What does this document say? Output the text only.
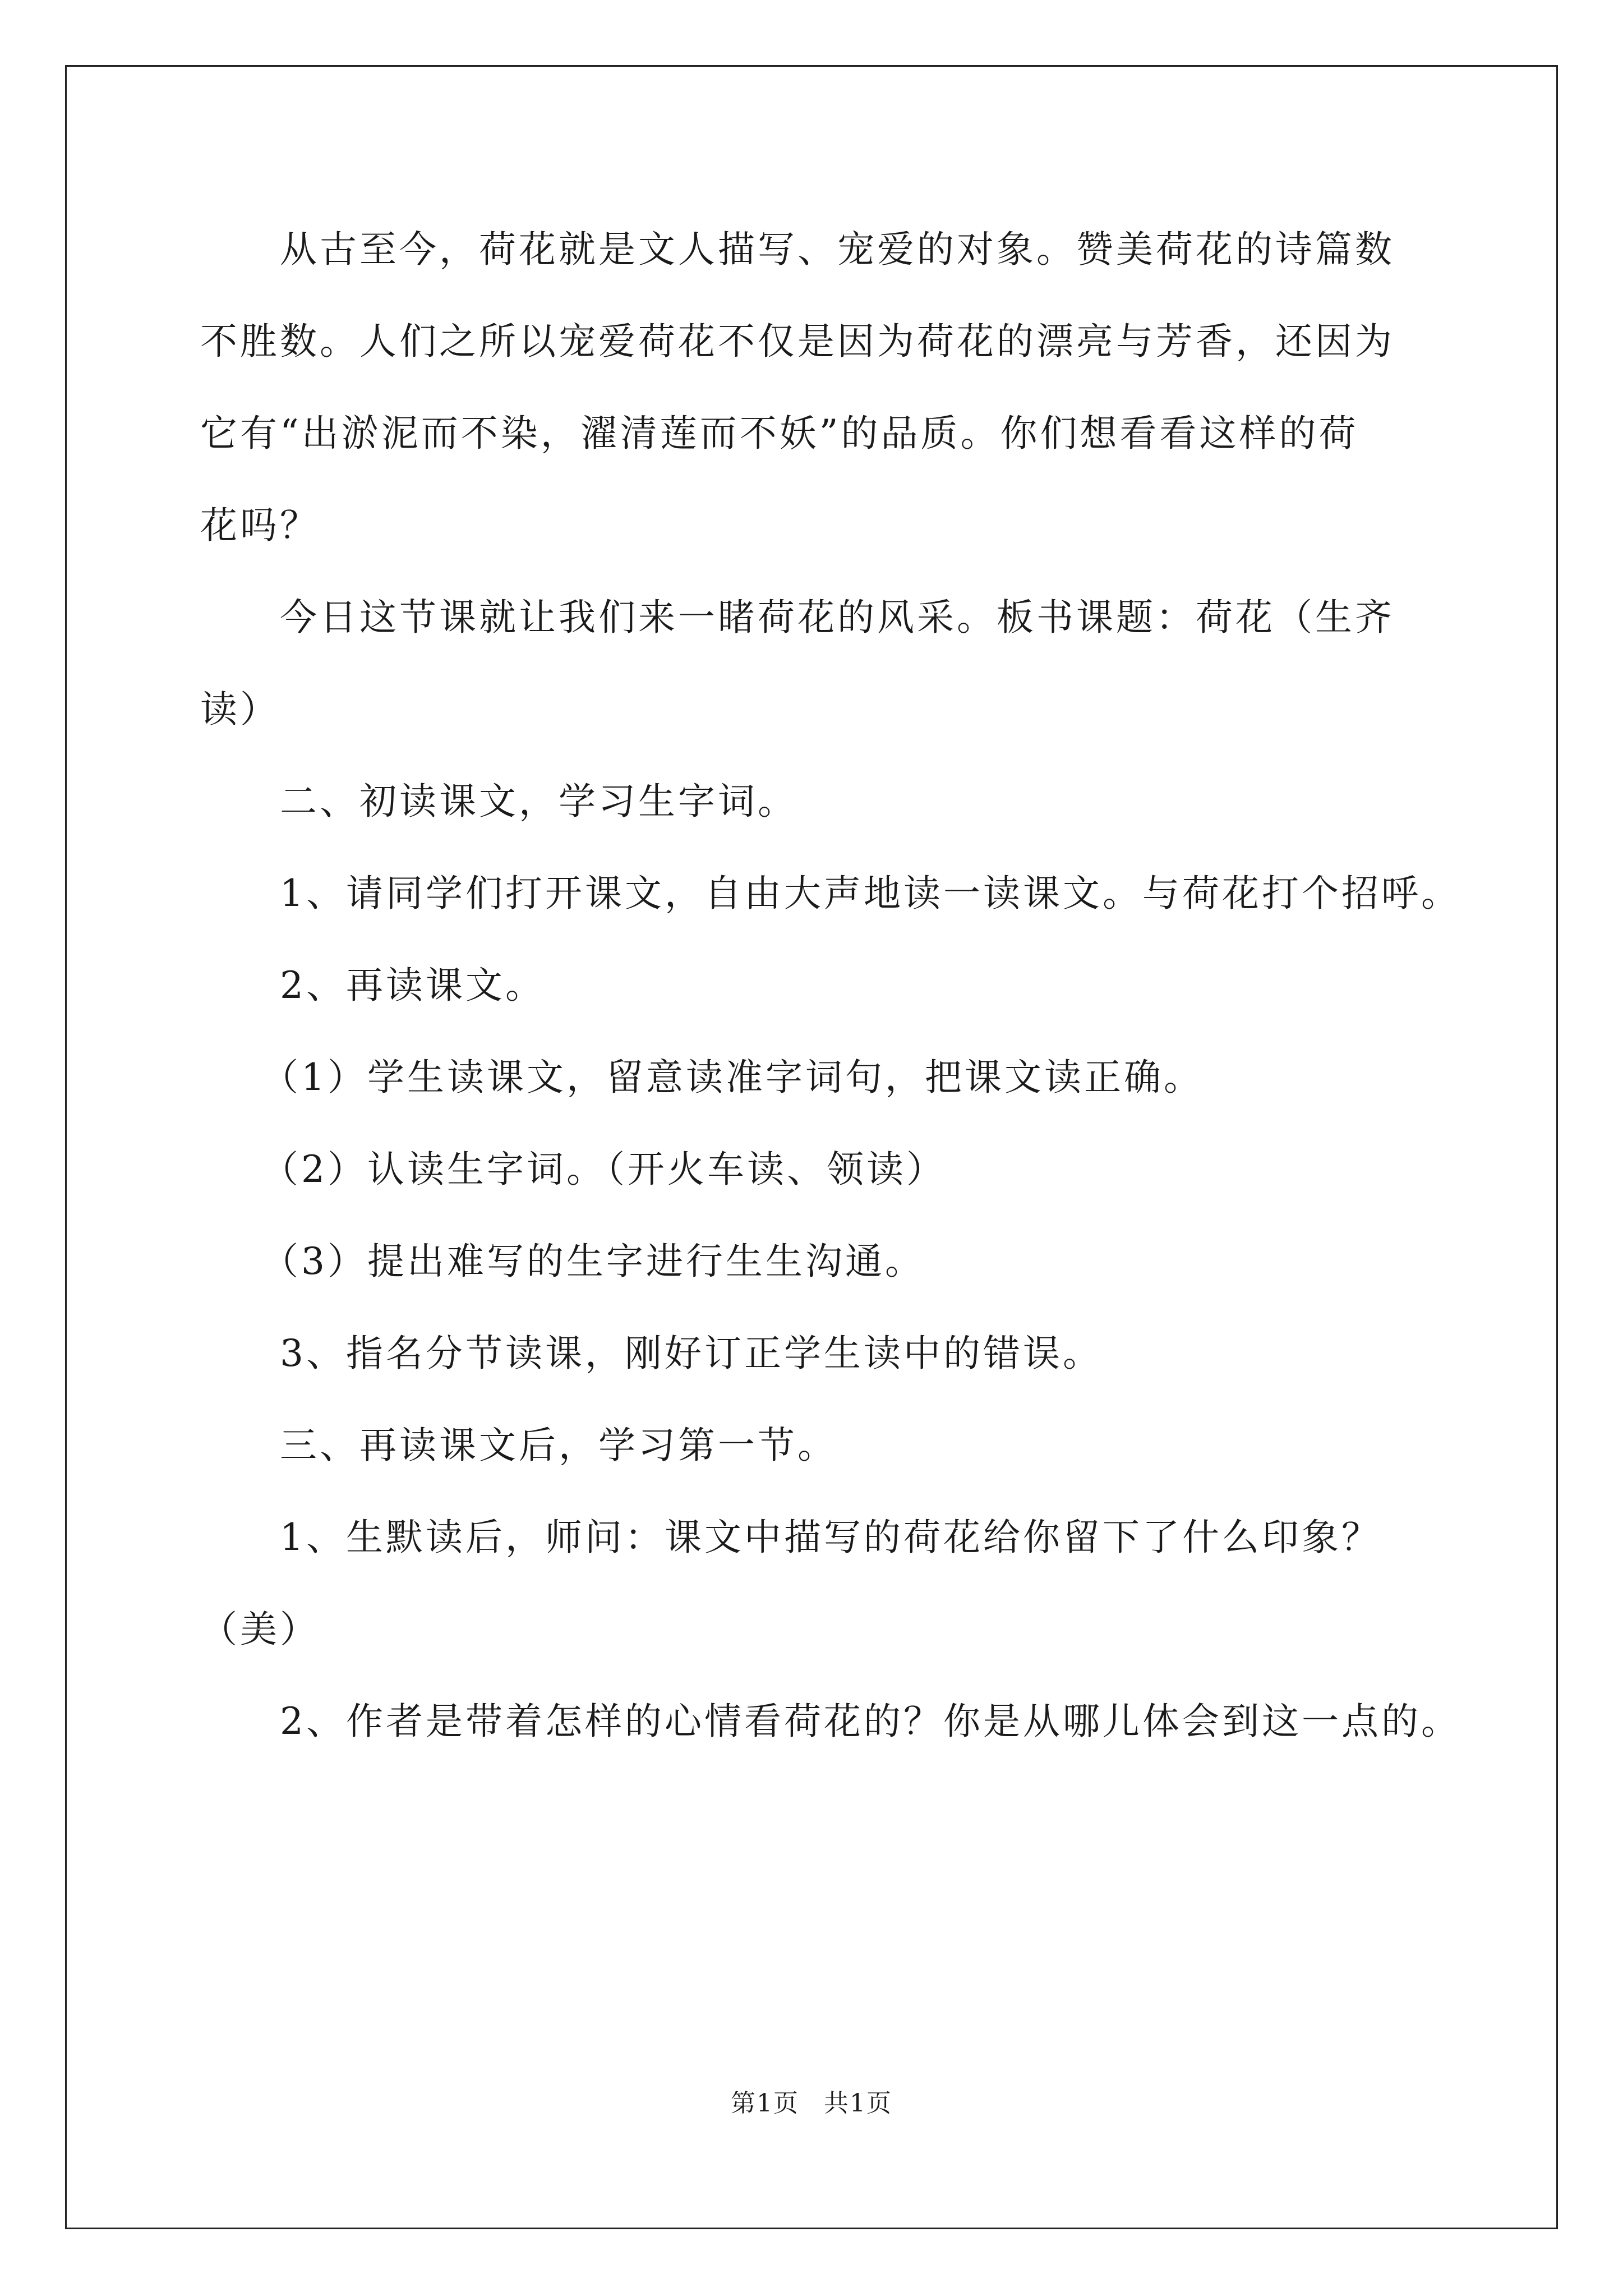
　　从古至今，荷花就是文人描写、宠爱的对象。赞美荷花的诗篇数
不胜数。人们之所以宠爱荷花不仅是因为荷花的漂亮与芳香，还因为
它有“出淤泥而不染，濯清莲而不妖”的品质。你们想看看这样的荷
花吗？
　　今日这节课就让我们来一睹荷花的风采。板书课题：荷花（生齐
读）
　　二、初读课文，学习生字词。
　　1、请同学们打开课文，自由大声地读一读课文。与荷花打个招呼。
　　2、再读课文。
　　（1）学生读课文，留意读准字词句，把课文读正确。
　　（2）认读生字词。（开火车读、领读）
　　（3）提出难写的生字进行生生沟通。
　　3、指名分节读课，刚好订正学生读中的错误。
　　三、再读课文后，学习第一节。
　　1、生默读后，师问：课文中描写的荷花给你留下了什么印象？
（美）
　　2、作者是带着怎样的心情看荷花的？你是从哪儿体会到这一点的。
第1页 共1页
